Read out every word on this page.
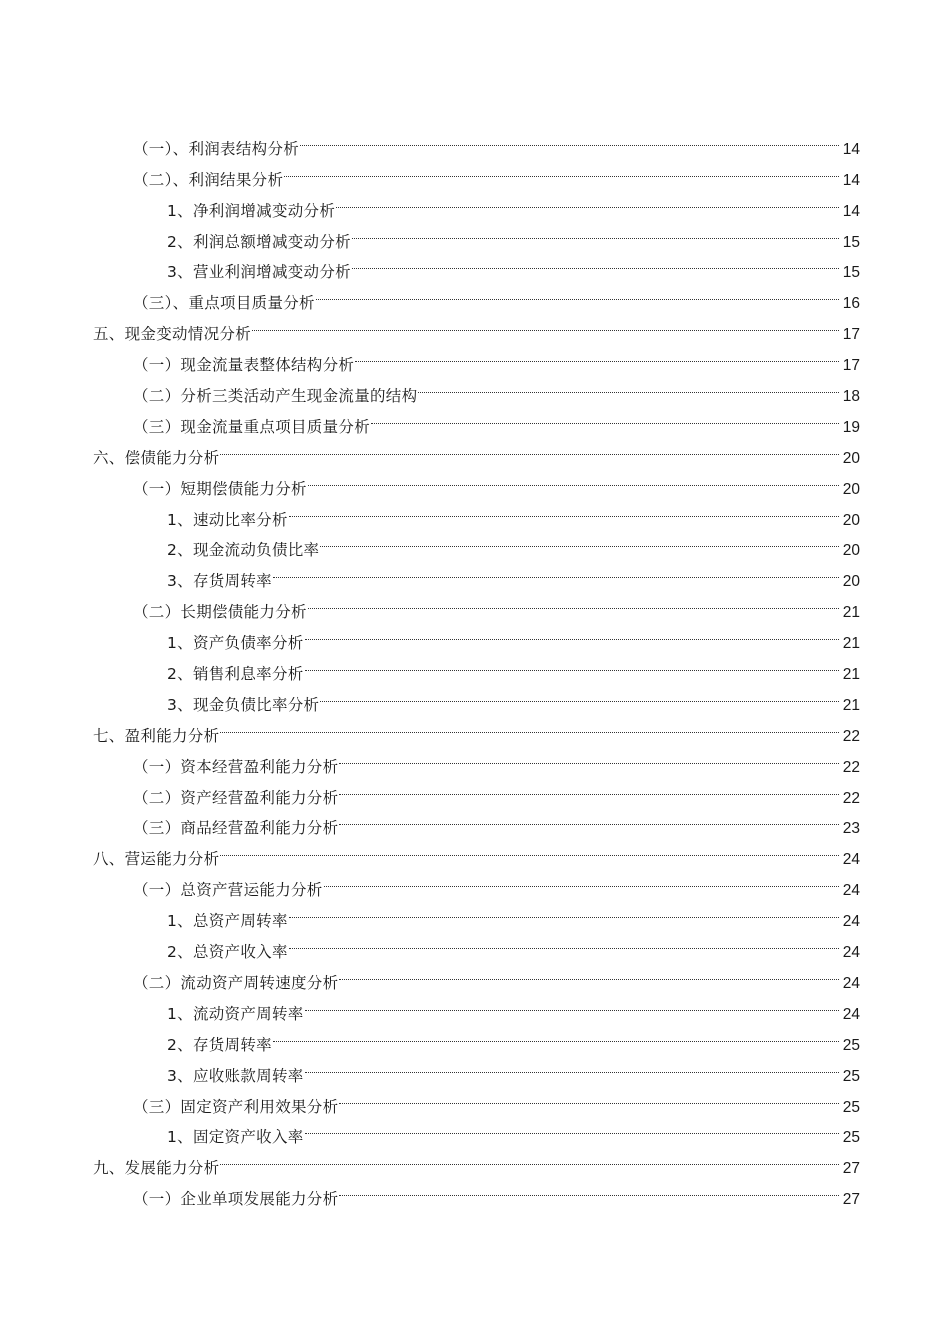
（一）、利润表结构分析	14
（二）、利润结果分析	14
1、净利润增减变动分析	14
2、利润总额增减变动分析	15
3、营业利润增减变动分析	15
（三）、重点项目质量分析	16
五、现金变动情况分析	17
（一）现金流量表整体结构分析	17
（二）分析三类活动产生现金流量的结构	18
（三）现金流量重点项目质量分析	19
六、偿债能力分析	20
（一）短期偿债能力分析	20
1、速动比率分析	20
2、现金流动负债比率	20
3、存货周转率	20
（二）长期偿债能力分析	21
1、资产负债率分析	21
2、销售利息率分析	21
3、现金负债比率分析	21
七、盈利能力分析	22
（一）资本经营盈利能力分析	22
（二）资产经营盈利能力分析	22
（三）商品经营盈利能力分析	23
八、营运能力分析	24
（一）总资产营运能力分析	24
1、总资产周转率	24
2、总资产收入率	24
（二）流动资产周转速度分析	24
1、流动资产周转率	24
2、存货周转率	25
3、应收账款周转率	25
（三）固定资产利用效果分析	25
1、固定资产收入率	25
九、发展能力分析	27
（一）企业单项发展能力分析	27
